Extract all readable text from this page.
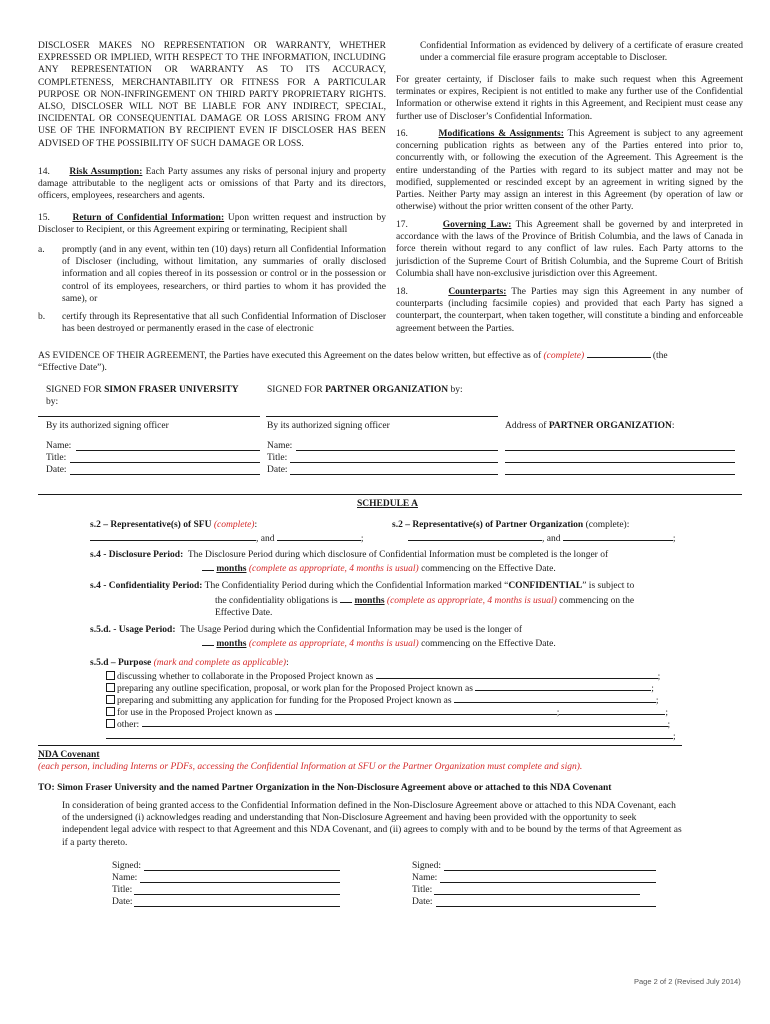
DISCLOSER MAKES NO REPRESENTATION OR WARRANTY, WHETHER EXPRESSED OR IMPLIED, WITH RESPECT TO THE INFORMATION, INCLUDING ANY REPRESENTATION OR WARRANTY AS TO ITS ACCURACY, COMPLETENESS, MERCHANTABILITY OR FITNESS FOR A PARTICULAR PURPOSE OR NON-INFRINGEMENT ON THIRD PARTY PROPRIETARY RIGHTS. ALSO, DISCLOSER WILL NOT BE LIABLE FOR ANY INDIRECT, SPECIAL, INCIDENTAL OR CONSEQUENTIAL DAMAGE OR LOSS ARISING FROM ANY USE OF THE INFORMATION BY RECIPIENT EVEN IF DISCLOSER HAS BEEN ADVISED OF THE POSSIBILITY OF SUCH DAMAGE OR LOSS.

14. Risk Assumption: Each Party assumes any risks of personal injury and property damage attributable to the negligent acts or omissions of that Party and its directors, officers, employees, researchers and agents.

15. Return of Confidential Information: Upon written request and instruction by Discloser to Recipient, or this Agreement expiring or terminating, Recipient shall

a. promptly (and in any event, within ten (10) days) return all Confidential Information of Discloser (including, without limitation, any summaries of orally disclosed information and all copies thereof in its possession or control or in the possession or control of its employees, researchers, or third parties to whom it has provided the same), or

b. certify through its Representative that all such Confidential Information of Discloser has been destroyed or permanently erased in the case of electronic

Confidential Information as evidenced by delivery of a certificate of erasure created under a commercial file erasure program acceptable to Discloser.

For greater certainty, if Discloser fails to make such request when this Agreement terminates or expires, Recipient is not entitled to make any further use of the Confidential Information or otherwise extend it rights in this Agreement, and Recipient must cease any further use of Discloser’s Confidential Information.

16.	Modifications & Assignments: This Agreement is subject to any agreement concerning publication rights as between any of the Parties entered into prior to, concurrently with, or following the execution of the Agreement. This Agreement is the entire understanding of the Parties with regard to its subject matter and may not be modified, supplemented or rescinded except by an agreement in writing signed by the Parties. Neither Party may assign an interest in this Agreement (by operation of law or otherwise) without the prior written consent of the other Party.

17.	Governing Law: This Agreement shall be governed by and interpreted in accordance with the laws of the Province of British Columbia, and the laws of Canada in force therein without regard to any conflict of law rules. Each Party attorns to the jurisdiction of the Supreme Court of British Columbia, and the Supreme Court of British Columbia shall have non-exclusive jurisdiction over this Agreement.

18.	Counterparts: The Parties may sign this Agreement in any number of counterparts (including facsimile copies) and provided that each Party has signed a counterpart, the counterpart, when taken together, will constitute a binding and enforceable agreement between the Parties.

AS EVIDENCE OF THEIR AGREEMENT, the Parties have executed this Agreement on the dates below written, but effective as of (complete)	(the
“Effective Date”).

SIGNED FOR SIMON FRASER UNIVERSITY
by:

SIGNED FOR PARTNER ORGANIZATION by:

By its authorized signing officer	By its authorized signing officer	Address of PARTNER ORGANIZATION:
Name:
Title:
Date:
Name:
Title:
Date:
SCHEDULE A

s.2 – Representative(s) of SFU (complete):
, and	;

s.2 – Representative(s) of Partner Organization (complete):
, and	;

s.4 - Disclosure Period: The Disclosure Period during which disclosure of Confidential Information must be completed is the longer of

months (complete as appropriate, 4 months is usual) commencing on the Effective Date.

s.4 - Confidentiality Period: The Confidentiality Period during which the Confidential Information marked “CONFIDENTIAL” is subject to

the confidentiality obligations is months (complete as appropriate, 4 months is usual) commencing on the
Effective Date.

s.5.d. - Usage Period: The Usage Period during which the Confidential Information may be used is the longer of

months (complete as appropriate, 4 months is usual) commencing on the Effective Date.

s.5.d – Purpose (mark and complete as applicable):

discussing whether to collaborate in the Proposed Project known as	;
preparing any outline specification, proposal, or work plan for the Proposed Project known as	;
preparing and submitting any application for funding for the Proposed Project known as	;
for use in the Proposed Project known as	;	;
other:	;
;
NDA Covenant

(each person, including Interns or PDFs, accessing the Confidential Information at SFU or the Partner Organization must complete and sign).

TO: Simon Fraser University and the named Partner Organization in the Non-Disclosure Agreement above or attached to this NDA Covenant

In consideration of being granted access to the Confidential Information defined in the Non-Disclosure Agreement above or attached to this NDA Covenant, each of the undersigned (i) acknowledges reading and understanding that Non-Disclosure Agreement and having been provided with the opportunity to seek independent legal advice with respect to that Agreement and this NDA Covenant, and (ii) agrees to comply with and to be bound by the terms of that Agreement as if a party thereto.

Signed:
Name:
Title:
Date:
Signed:
Name:
Title:
Date:
Page 2 of 2 (Revised July 2014)
